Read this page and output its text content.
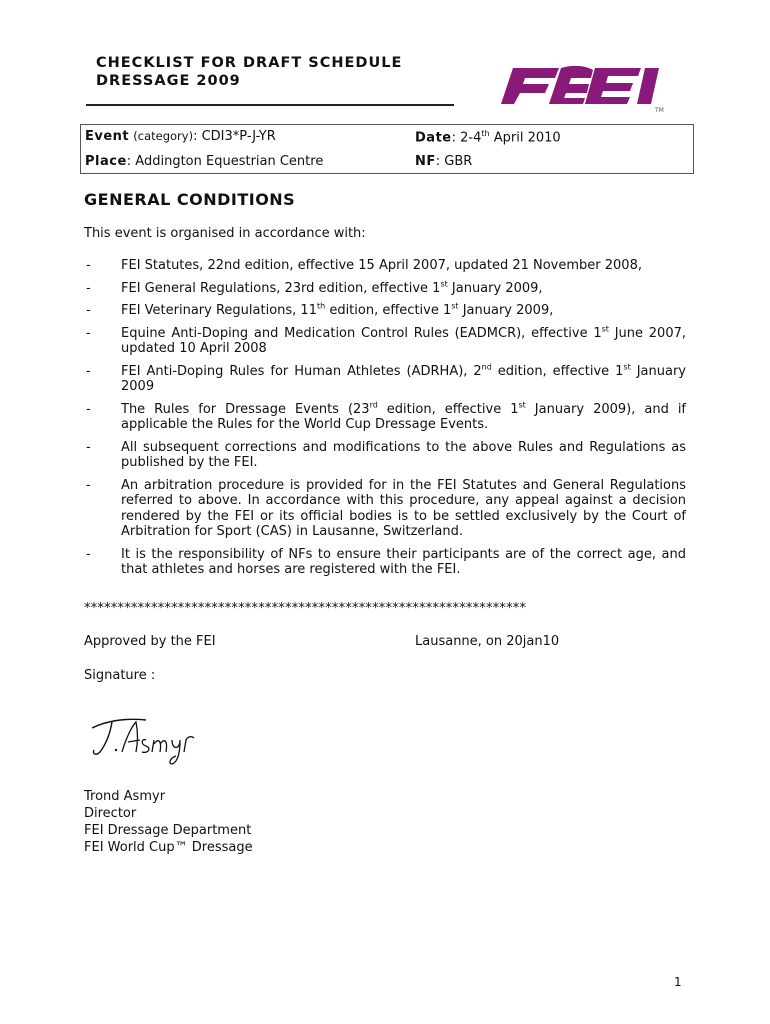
CHECKLIST FOR DRAFT SCHEDULE
DRESSAGE 2009
TM
Event (category): CDI3*P-J-YR	Date: 2-4th April 2010
Place: Addington Equestrian Centre	NF: GBR
GENERAL CONDITIONS
This event is organised in accordance with:
- FEI Statutes, 22nd edition, effective 15 April 2007, updated 21 November 2008,
- FEI General Regulations, 23rd edition, effective 1st January 2009,
- FEI Veterinary Regulations, 11th edition, effective 1st January 2009,
- Equine Anti-Doping and Medication Control Rules (EADMCR), effective 1st June 2007, updated 10 April 2008
- FEI Anti-Doping Rules for Human Athletes (ADRHA), 2nd edition, effective 1st January 2009
- The Rules for Dressage Events (23rd edition, effective 1st January 2009), and if applicable the Rules for the World Cup Dressage Events.
- All subsequent corrections and modifications to the above Rules and Regulations as published by the FEI.
- An arbitration procedure is provided for in the FEI Statutes and General Regulations referred to above. In accordance with this procedure, any appeal against a decision rendered by the FEI or its official bodies is to be settled exclusively by the Court of Arbitration for Sport (CAS) in Lausanne, Switzerland.
- It is the responsibility of NFs to ensure their participants are of the correct age, and that athletes and horses are registered with the FEI.
******************************************************************
Approved by the FEI	Lausanne, on 20jan10
Signature :
Trond Asmyr
Director
FEI Dressage Department
FEI World Cup™ Dressage
1
